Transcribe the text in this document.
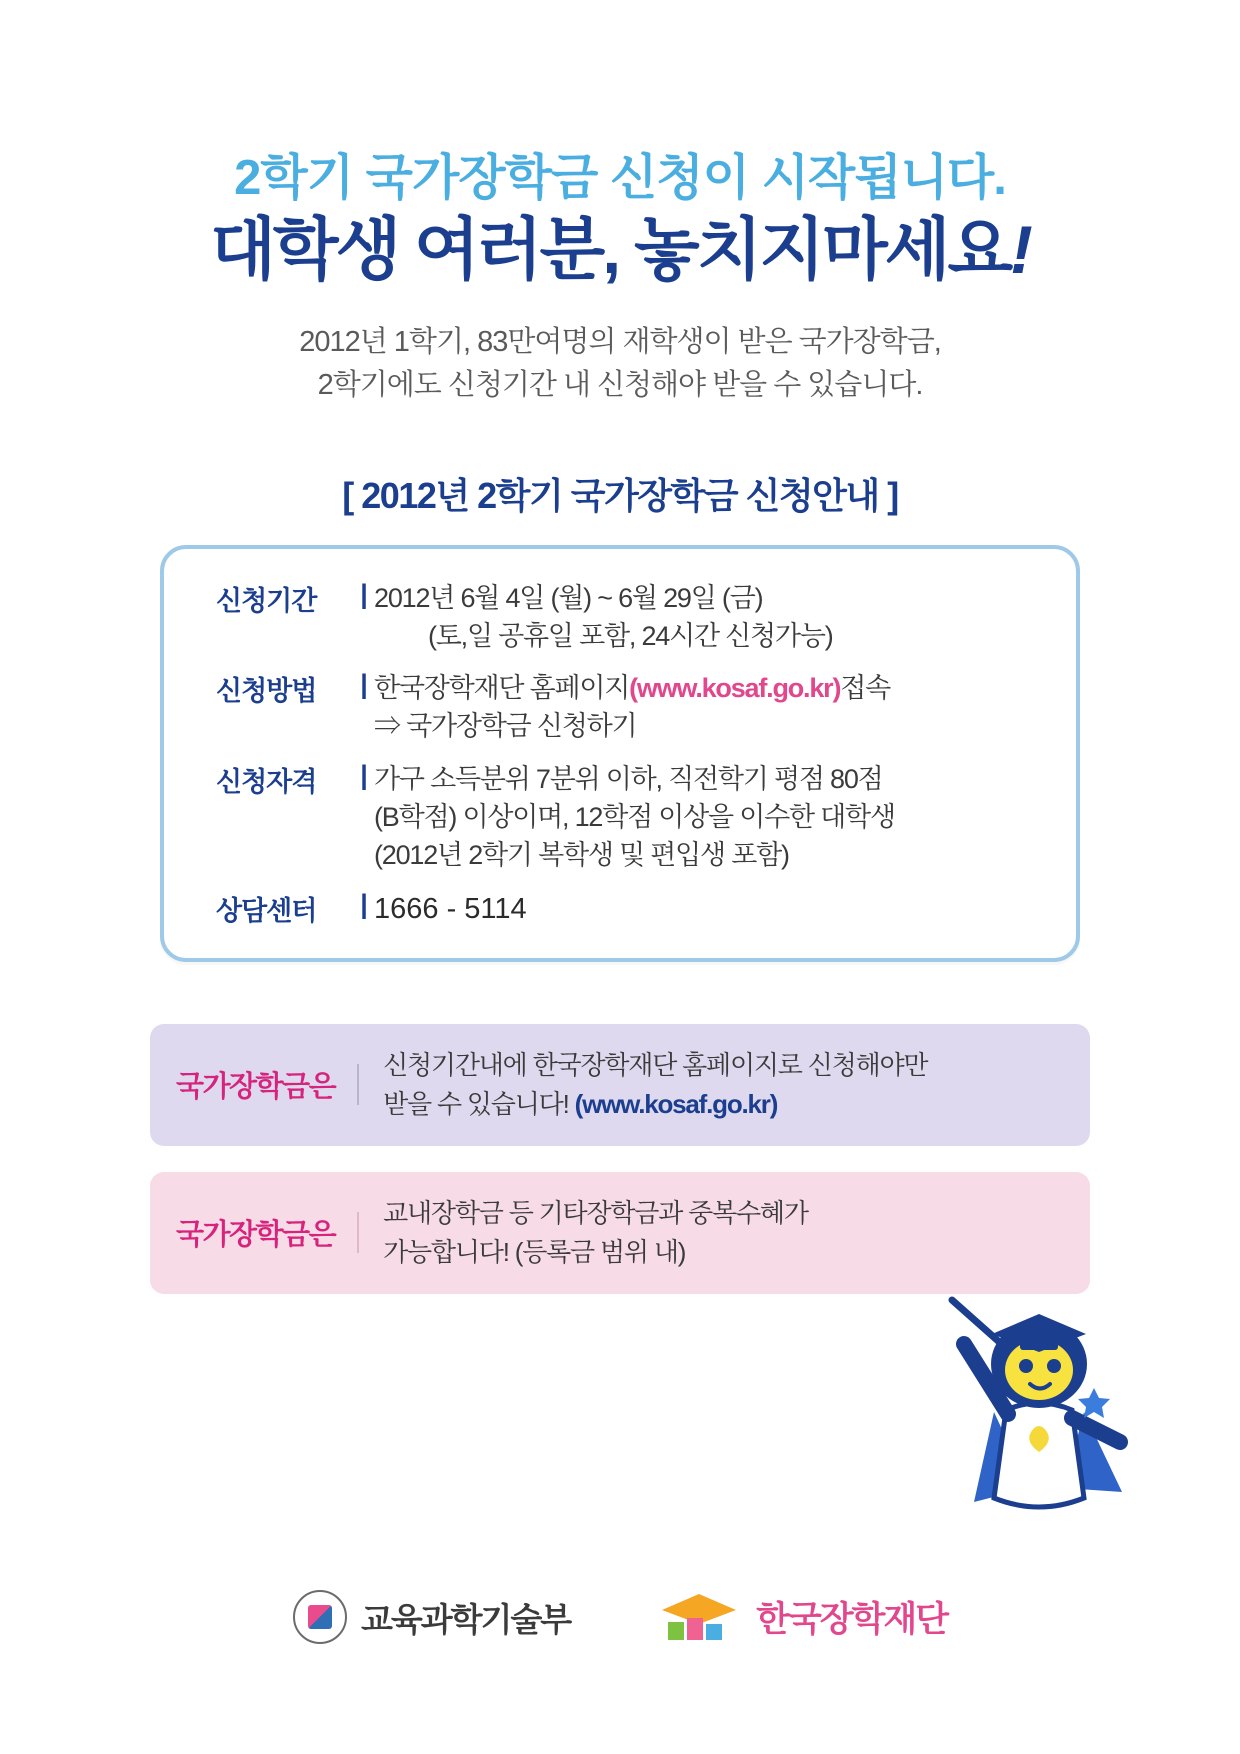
2학기 국가장학금 신청이 시작됩니다.
대학생 여러분, 놓치지마세요!
2012년 1학기, 83만여명의 재학생이 받은 국가장학금,
2학기에도 신청기간 내 신청해야 받을 수 있습니다.
[ 2012년 2학기 국가장학금 신청안내 ]
신청기간	| 2012년 6월 4일 (월) ~ 6월 29일 (금)
(토,일 공휴일 포함, 24시간 신청가능)
신청방법	| 한국장학재단 홈페이지(www.kosaf.go.kr)접속
⇒ 국가장학금 신청하기
신청자격	| 가구 소득분위 7분위 이하, 직전학기 평점 80점
(B학점) 이상이며, 12학점 이상을 이수한 대학생
(2012년 2학기 복학생 및 편입생 포함)
상담센터	| 1666 - 5114
국가장학금은
신청기간내에 한국장학재단 홈페이지로 신청해야만
받을 수 있습니다! (www.kosaf.go.kr)
국가장학금은
교내장학금 등 기타장학금과 중복수혜가
가능합니다! (등록금 범위 내)
교육과학기술부	한국장학재단
